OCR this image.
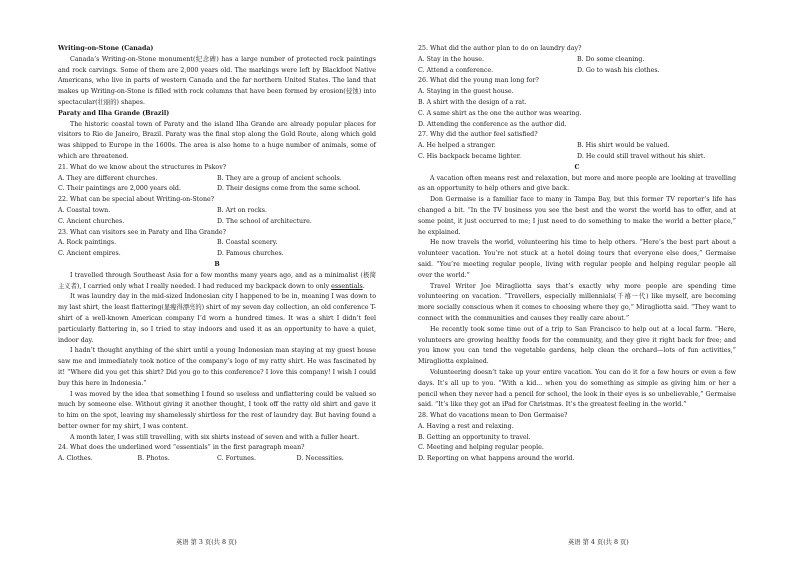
Writing-on-Stone (Canada)

Canada’s Writing-on-Stone monument(纪念碑) has a large number of protected rock paintings and rock carvings. Some of them are 2,000 years old. The markings were left by Blackfoot Native Americans, who live in parts of western Canada and the far northern United States. The land that makes up Writing-on-Stone is filled with rock columns that have been formed by erosion(侵蚀) into spectacular(壮丽的) shapes.

Paraty and Ilha Grande (Brazil)

The historic coastal town of Paraty and the island Ilha Grande are already popular places for visitors to Rio de Janeiro, Brazil. Paraty was the final stop along the Gold Route, along which gold was shipped to Europe in the 1600s. The area is also home to a huge number of animals, some of which are threatened.

21. What do we know about the structures in Pskov?

A. They are different churches.	B. They are a group of ancient schools.
C. Their paintings are 2,000 years old.	D. Their designs come from the same school.

22. What can be special about Writing-on-Stone?

A. Coastal town.	B. Art on rocks.
C. Ancient churches.	D. The school of architecture.

23. What can visitors see in Paraty and Ilha Grande?

A. Rock paintings.	B. Coastal scenery.
C. Ancient empires.	D. Famous churches.

B

I travelled through Southeast Asia for a few months many years ago, and as a minimalist (极简主义者), I carried only what I really needed. I had reduced my backpack down to only essentials.

It was laundry day in the mid-sized Indonesian city I happened to be in, meaning I was down to my last shirt, the least flattering(显瘦得漂亮的) shirt of my seven day collection, an old conference T-shirt of a well-known American company I’d worn a hundred times. It was a shirt I didn’t feel particularly flattering in, so I tried to stay indoors and used it as an opportunity to have a quiet, indoor day.

I hadn’t thought anything of the shirt until a young Indonesian man staying at my guest house saw me and immediately took notice of the company’s logo of my ratty shirt. He was fascinated by it! “Where did you get this shirt? Did you go to this conference? I love this company! I wish I could buy this here in Indonesia.”

I was moved by the idea that something I found so useless and unflattering could be valued so much by someone else. Without giving it another thought, I took off the ratty old shirt and gave it to him on the spot, leaving my shamelessly shirtless for the rest of laundry day. But having found a better owner for my shirt, I was content.

A month later, I was still travelling, with six shirts instead of seven and with a fuller heart.

24. What does the underlined word “essentials” in the first paragraph mean?

A. Clothes.	B. Photos.	C. Fortunes.	D. Necessities.

25. What did the author plan to do on laundry day?

A. Stay in the house.	B. Do some cleaning.
C. Attend a conference.	D. Go to wash his clothes.

26. What did the young man long for?

A. Staying in the guest house.

B. A shirt with the design of a rat.

C. A same shirt as the one the author was wearing.

D. Attending the conference as the author did.

27. Why did the author feel satisfied?

A. He helped a stranger.	B. His shirt would be valued.
C. His backpack became lighter.	D. He could still travel without his shirt.

C

A vacation often means rest and relaxation, but more and more people are looking at travelling as an opportunity to help others and give back.

Don Germaise is a familiar face to many in Tampa Bay, but this former TV reporter’s life has changed a bit. “In the TV business you see the best and the worst the world has to offer, and at some point, it just occurred to me; I just need to do something to make the world a better place,” he explained.

He now travels the world, volunteering his time to help others. “Here’s the best part about a volunteer vacation. You’re not stuck at a hotel doing tours that everyone else does,” Germaise said. “You’re meeting regular people, living with regular people and helping regular people all over the world.”

Travel Writer Joe Miragliotta says that’s exactly why more people are spending time volunteering on vacation. “Travellers, especially millennials(千禧一代) like myself, are becoming more socially conscious when it comes to choosing where they go,” Miragliotta said. “They want to connect with the communities and causes they really care about.”

He recently took some time out of a trip to San Francisco to help out at a local farm. “Here, volunteers are growing healthy foods for the community, and they give it right back for free; and you know you can tend the vegetable gardens, help clean the orchard—lots of fun activities,” Miragliotta explained.

Volunteering doesn’t take up your entire vacation. You can do it for a few hours or even a few days. It’s all up to you. “With a kid... when you do something as simple as giving him or her a pencil when they never had a pencil for school, the look in their eyes is so unbelievable,” Germaise said. “It’s like they got an iPad for Christmas. It’s the greatest feeling in the world.”

28. What do vacations mean to Don Germaise?

A. Having a rest and relaxing.

B. Getting an opportunity to travel.

C. Meeting and helping regular people.

D. Reporting on what happens around the world.

英语 第 3 页(共 8 页)	英语 第 4 页(共 8 页)
